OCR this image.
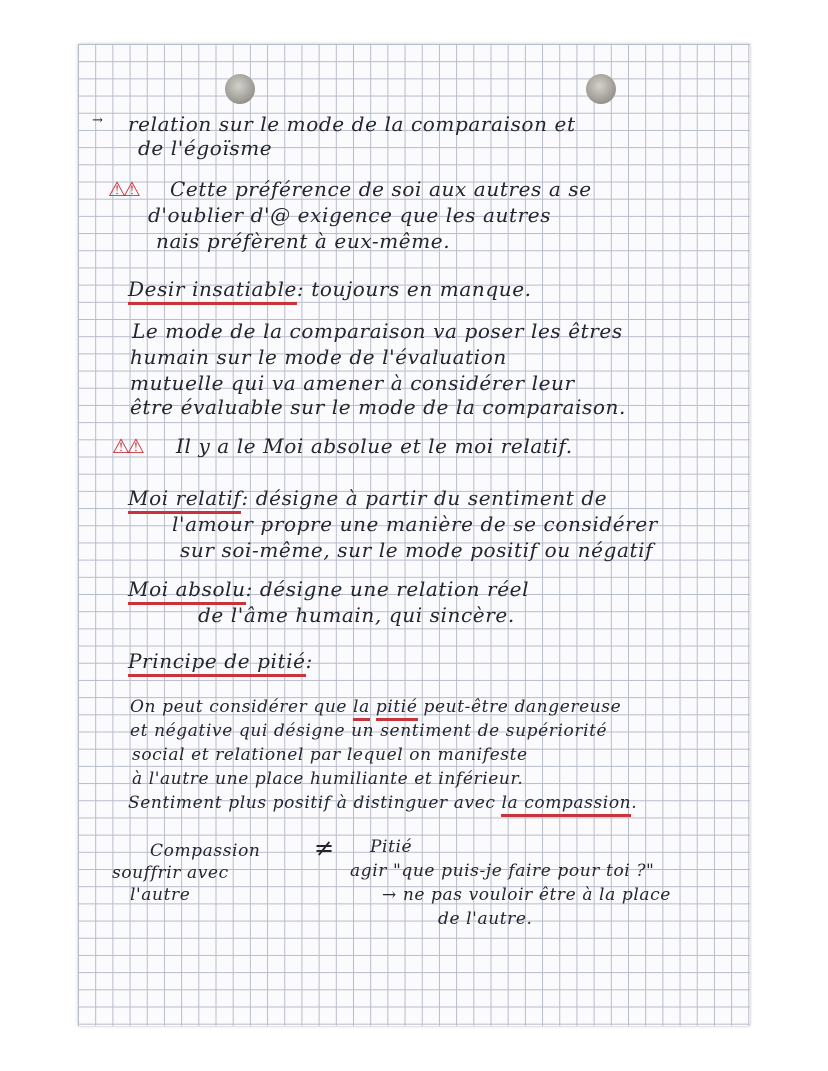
→ relation sur le mode de la comparaison et
de l'égoïsme
⚠⚠ Cette préférence de soi aux autres a se
d'oublier d'@ exigence que les autres
nais préfèrent à eux-même.
Desir insatiable: toujours en manque.
Le mode de la comparaison va poser les êtres
humain sur le mode de l'évaluation
mutuelle qui va amener à considérer leur
être évaluable sur le mode de la comparaison.
⚠⚠ Il y a le Moi absolue et le moi relatif.
Moi relatif: désigne à partir du sentiment de
l'amour propre une manière de se considérer
sur soi-même, sur le mode positif ou négatif
Moi absolu: désigne une relation réel
de l'âme humain, qui sincère.
Principe de pitié:
On peut considérer que la pitié peut-être dangereuse
et négative qui désigne un sentiment de supériorité
social et relationel par lequel on manifeste
à l'autre une place humiliante et inférieur.
Sentiment plus positif à distinguer avec la compassion.
Compassion
souffrir avec
l'autre
≠ Pitié
agir "que puis-je faire pour toi ?"
→ ne pas vouloir être à la place
de l'autre.
